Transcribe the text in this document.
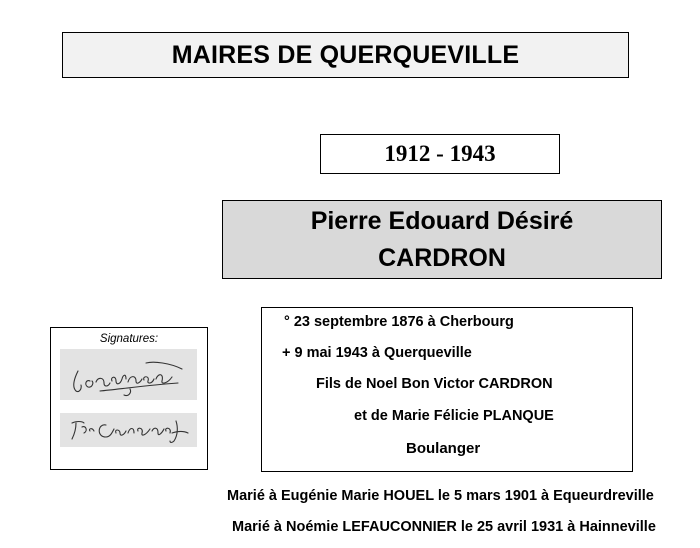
MAIRES DE QUERQUEVILLE
1912 - 1943
Pierre Edouard Désiré
CARDRON
° 23 septembre 1876 à Cherbourg
+ 9 mai 1943 à Querqueville
Fils de Noel Bon Victor CARDRON
et de Marie Félicie PLANQUE
Boulanger
Signatures:
Marié à Eugénie Marie HOUEL le 5 mars 1901 à Equeurdreville
Marié à Noémie LEFAUCONNIER le 25 avril 1931 à Hainneville
